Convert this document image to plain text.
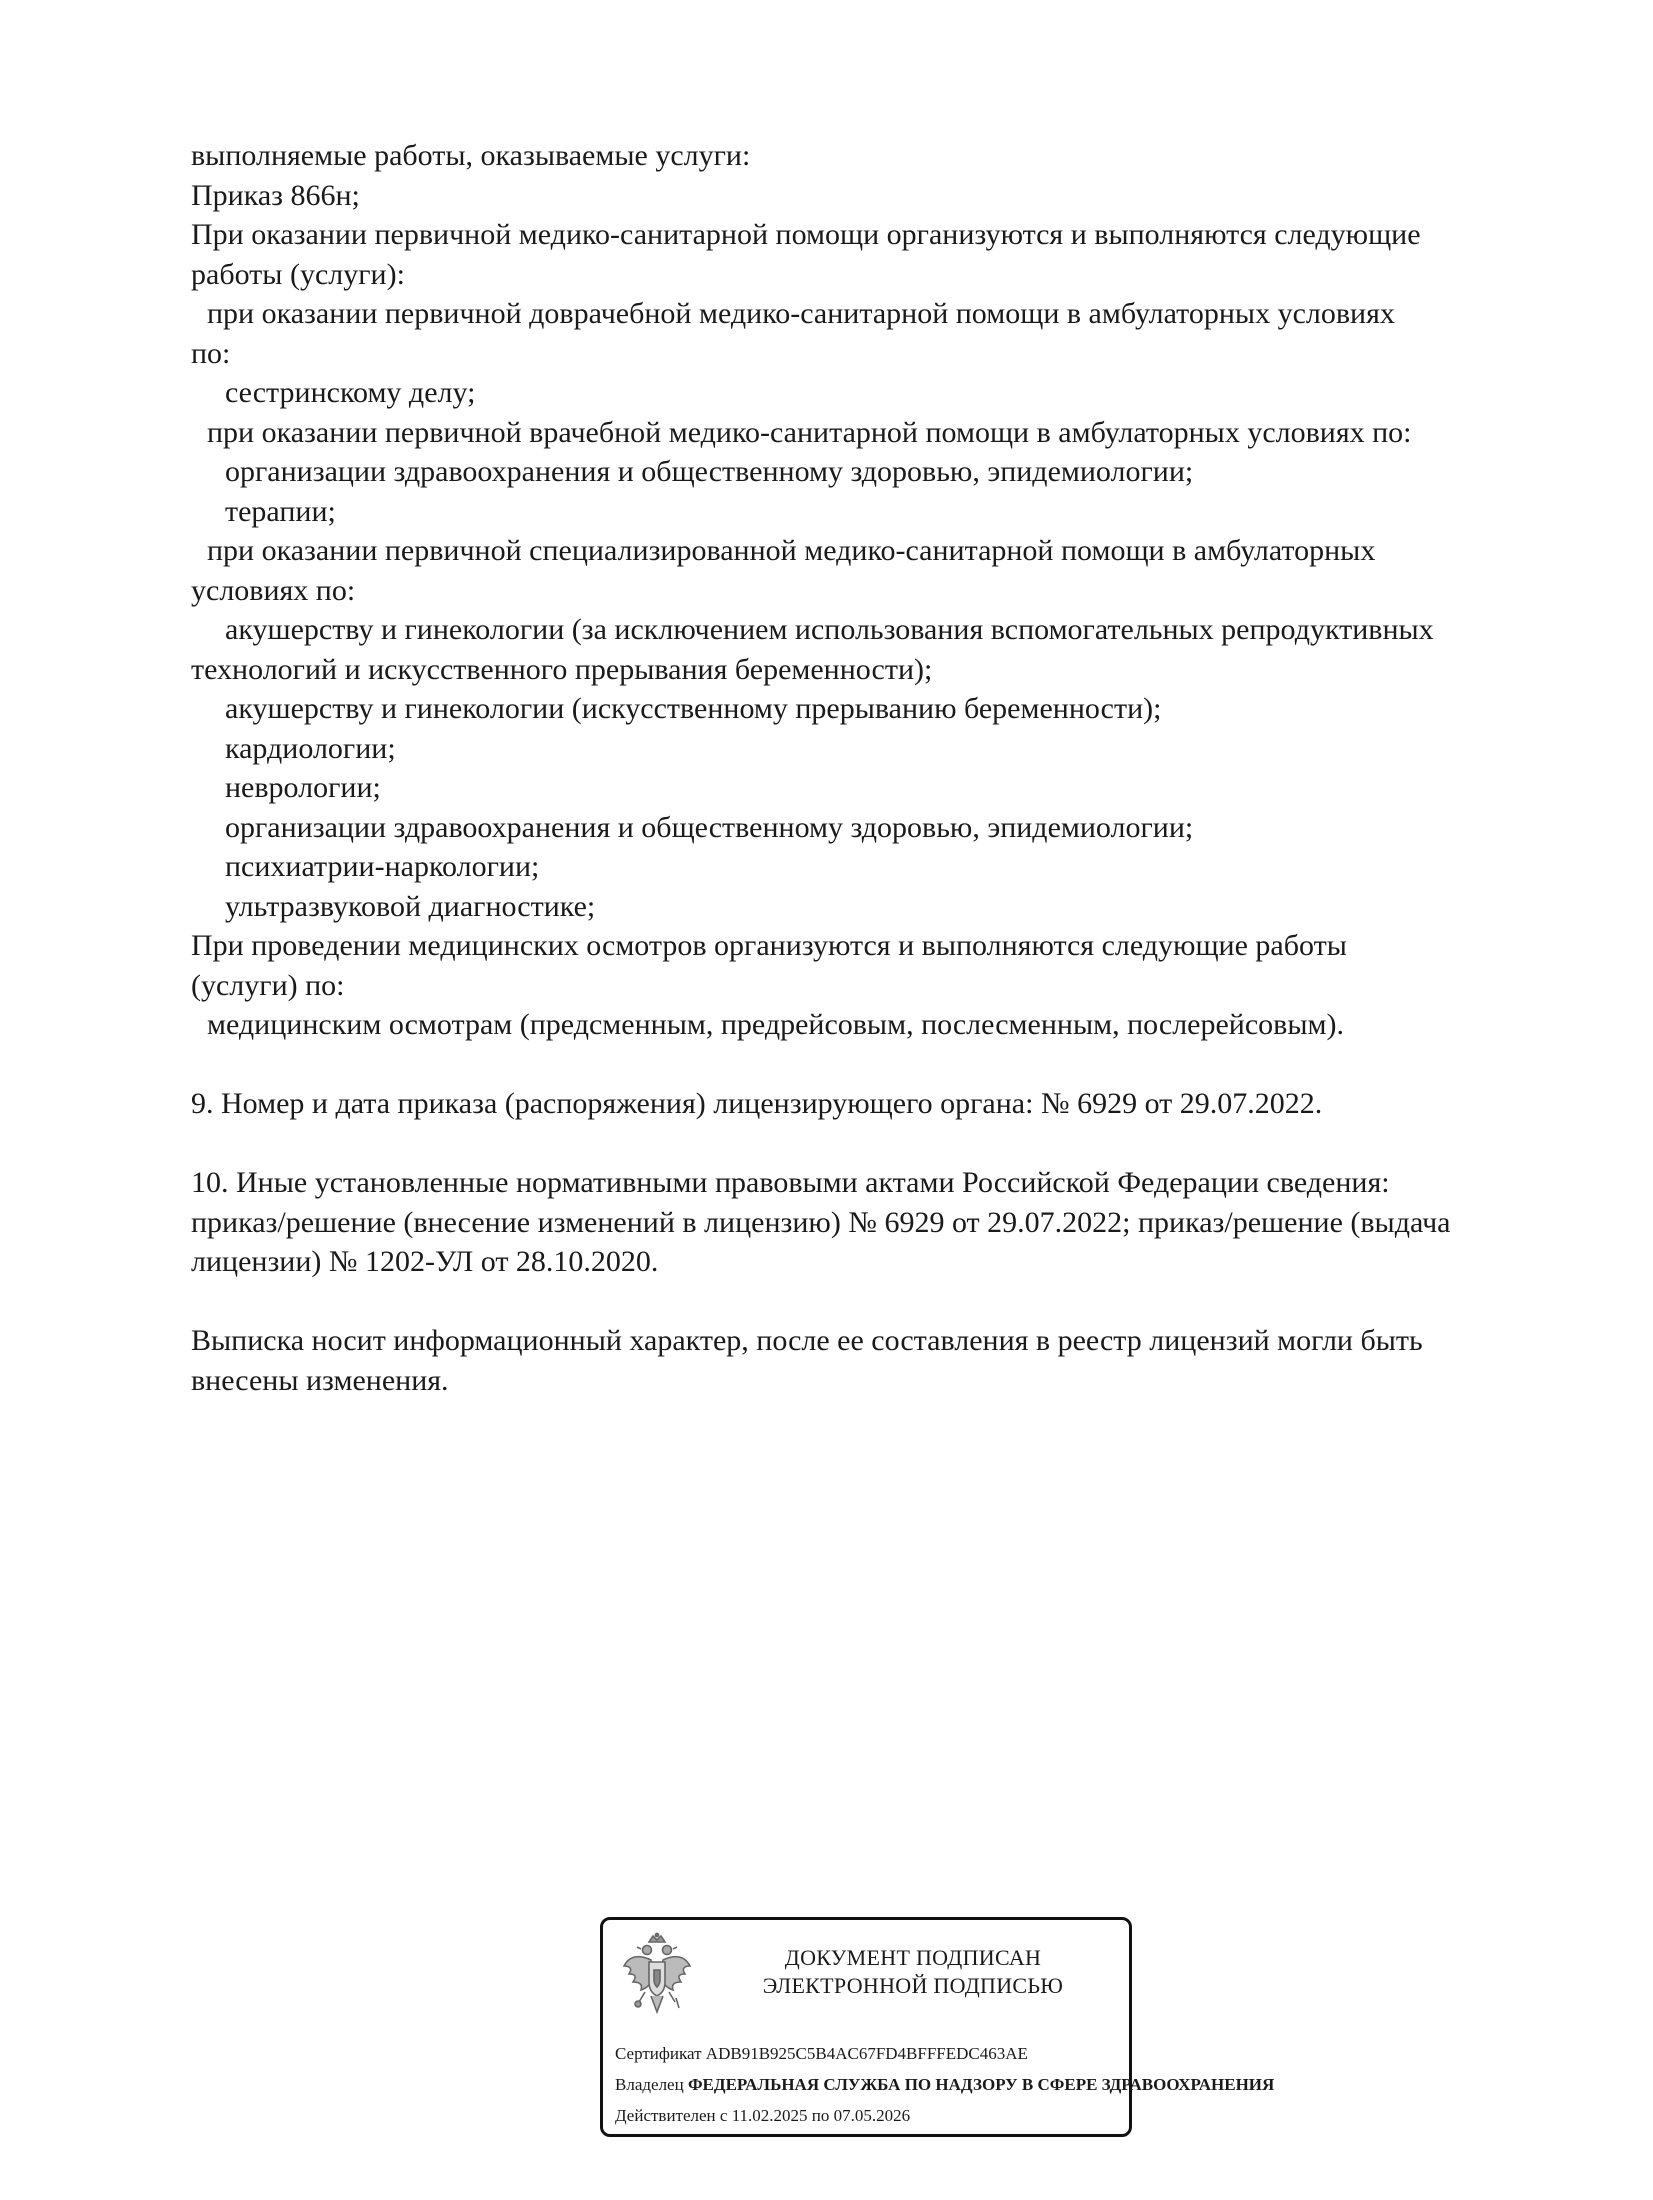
выполняемые работы, оказываемые услуги:
Приказ 866н;
При оказании первичной медико-санитарной помощи организуются и выполняются следующие
работы (услуги):
при оказании первичной доврачебной медико-санитарной помощи в амбулаторных условиях
по:
сестринскому делу;
при оказании первичной врачебной медико-санитарной помощи в амбулаторных условиях по:
организации здравоохранения и общественному здоровью, эпидемиологии;
терапии;
при оказании первичной специализированной медико-санитарной помощи в амбулаторных
условиях по:
акушерству и гинекологии (за исключением использования вспомогательных репродуктивных
технологий и искусственного прерывания беременности);
акушерству и гинекологии (искусственному прерыванию беременности);
кардиологии;
неврологии;
организации здравоохранения и общественному здоровью, эпидемиологии;
психиатрии-наркологии;
ультразвуковой диагностике;
При проведении медицинских осмотров организуются и выполняются следующие работы
(услуги) по:
медицинским осмотрам (предсменным, предрейсовым, послесменным, послерейсовым).
9. Номер и дата приказа (распоряжения) лицензирующего органа: № 6929 от 29.07.2022.
10. Иные установленные нормативными правовыми актами Российской Федерации сведения:
приказ/решение (внесение изменений в лицензию) № 6929 от 29.07.2022; приказ/решение (выдача
лицензии) № 1202-УЛ от 28.10.2020.
Выписка носит информационный характер, после ее составления в реестр лицензий могли быть
внесены изменения.
ДОКУМЕНТ ПОДПИСАН
ЭЛЕКТРОННОЙ ПОДПИСЬЮ
Сертификат ADB91B925C5B4AC67FD4BFFFEDC463AE
Владелец ФЕДЕРАЛЬНАЯ СЛУЖБА ПО НАДЗОРУ В СФЕРЕ ЗДРАВООХРАНЕНИЯ
Действителен с 11.02.2025 по 07.05.2026
